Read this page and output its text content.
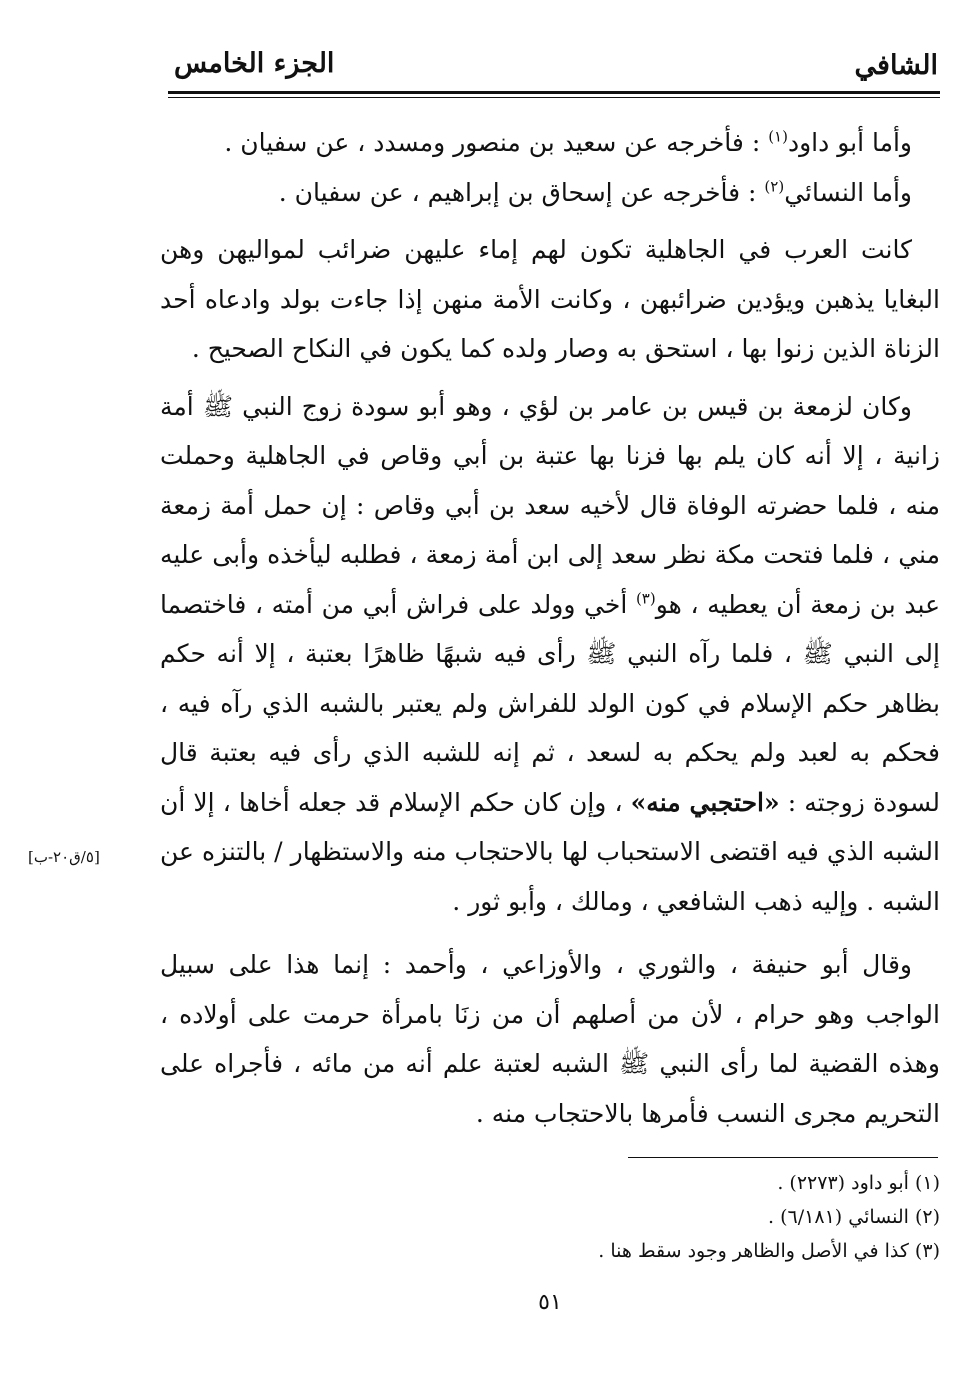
الشافي
الجزء الخامس

وأما أبو داود$^{(١)}$ : فأخرجه عن سعيد بن منصور ومسدد ، عن سفيان .

وأما النسائي$^{(٢)}$ : فأخرجه عن إسحاق بن إبراهيم ، عن سفيان .

كانت العرب في الجاهلية تكون لهم إماء عليهن ضرائب لمواليهن وهن البغايا يذهبن ويؤدين ضرائبهن ، وكانت الأمة منهن إذا جاءت بولد وادعاه أحد الزناة الذين زنوا بها ، استحق به وصار ولده كما يكون في النكاح الصحيح .

وكان لزمعة بن قيس بن عامر بن لؤي ، وهو أبو سودة زوج النبي ﷺ أمة زانية ، إلا أنه كان يلم بها فزنا بها عتبة بن أبي وقاص في الجاهلية وحملت منه ، فلما حضرته الوفاة قال لأخيه سعد بن أبي وقاص : إن حمل أمة زمعة مني ، فلما فتحت مكة نظر سعد إلى ابن أمة زمعة ، فطلبه ليأخذه وأبى عليه عبد بن زمعة أن يعطيه ، هو$^{(٣)}$ أخي وولد على فراش أبي من أمته ، فاختصما إلى النبي ﷺ ، فلما رآه النبي ﷺ رأى فيه شبهًا ظاهرًا بعتبة ، إلا أنه حكم بظاهر حكم الإسلام في كون الولد للفراش ولم يعتبر بالشبه الذي رآه فيه ، فحكم به لعبد ولم يحكم به لسعد ، ثم إنه للشبه الذي رأى فيه بعتبة قال لسودة زوجته : «احتجبي منه» ، وإن كان حكم الإسلام قد جعله أخاها ، إلا أن الشبه الذي فيه اقتضى الاستحباب لها بالاحتجاب منه والاستظهار / بالتنزه عن الشبه . وإليه ذهب الشافعي ، ومالك ، وأبو ثور .

وقال أبو حنيفة ، والثوري ، والأوزاعي ، وأحمد : إنما هذا على سبيل الواجب وهو حرام ، لأن من أصلهم أن من زنَا بامرأة حرمت على أولاده ، وهذه القضية لما رأى النبي ﷺ الشبه لعتبة علم أنه من مائه ، فأجراه على التحريم مجرى النسب فأمرها بالاحتجاب منه .

[٥/ق٢٠-ب]
(١) أبو داود (٢٢٧٣) .
(٢) النسائي (٦/١٨١) .
(٣) كذا في الأصل والظاهر وجود سقط هنا .
٥١
